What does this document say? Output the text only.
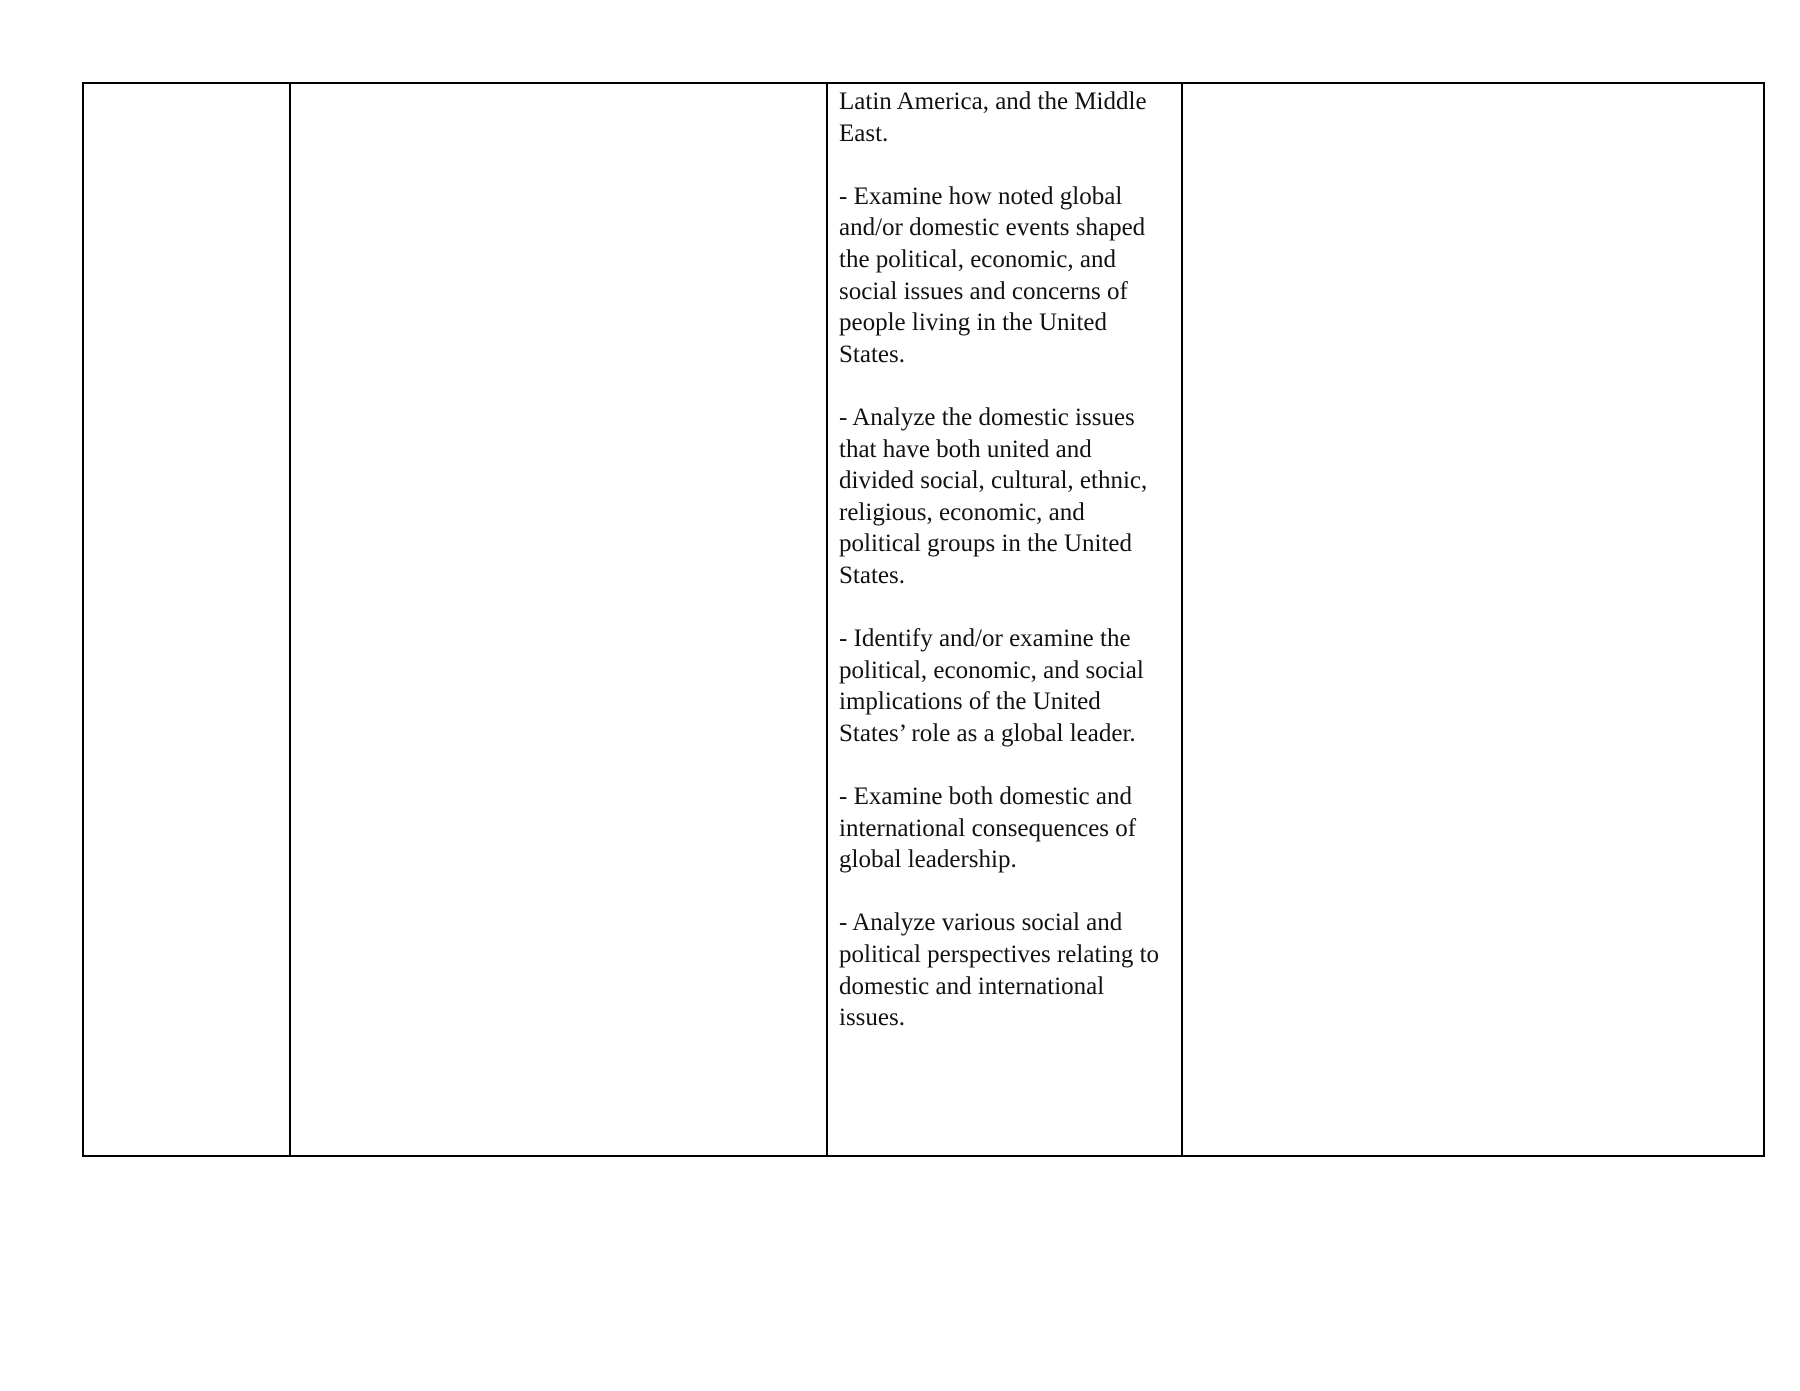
Latin America, and the Middle East.

- Examine how noted global and/or domestic events shaped the political, economic, and social issues and concerns of people living in the United States.

- Analyze the domestic issues that have both united and divided social, cultural, ethnic, religious, economic, and political groups in the United States.

- Identify and/or examine the political, economic, and social implications of the United States’ role as a global leader.

- Examine both domestic and international consequences of global leadership.

- Analyze various social and political perspectives relating to domestic and international issues.
